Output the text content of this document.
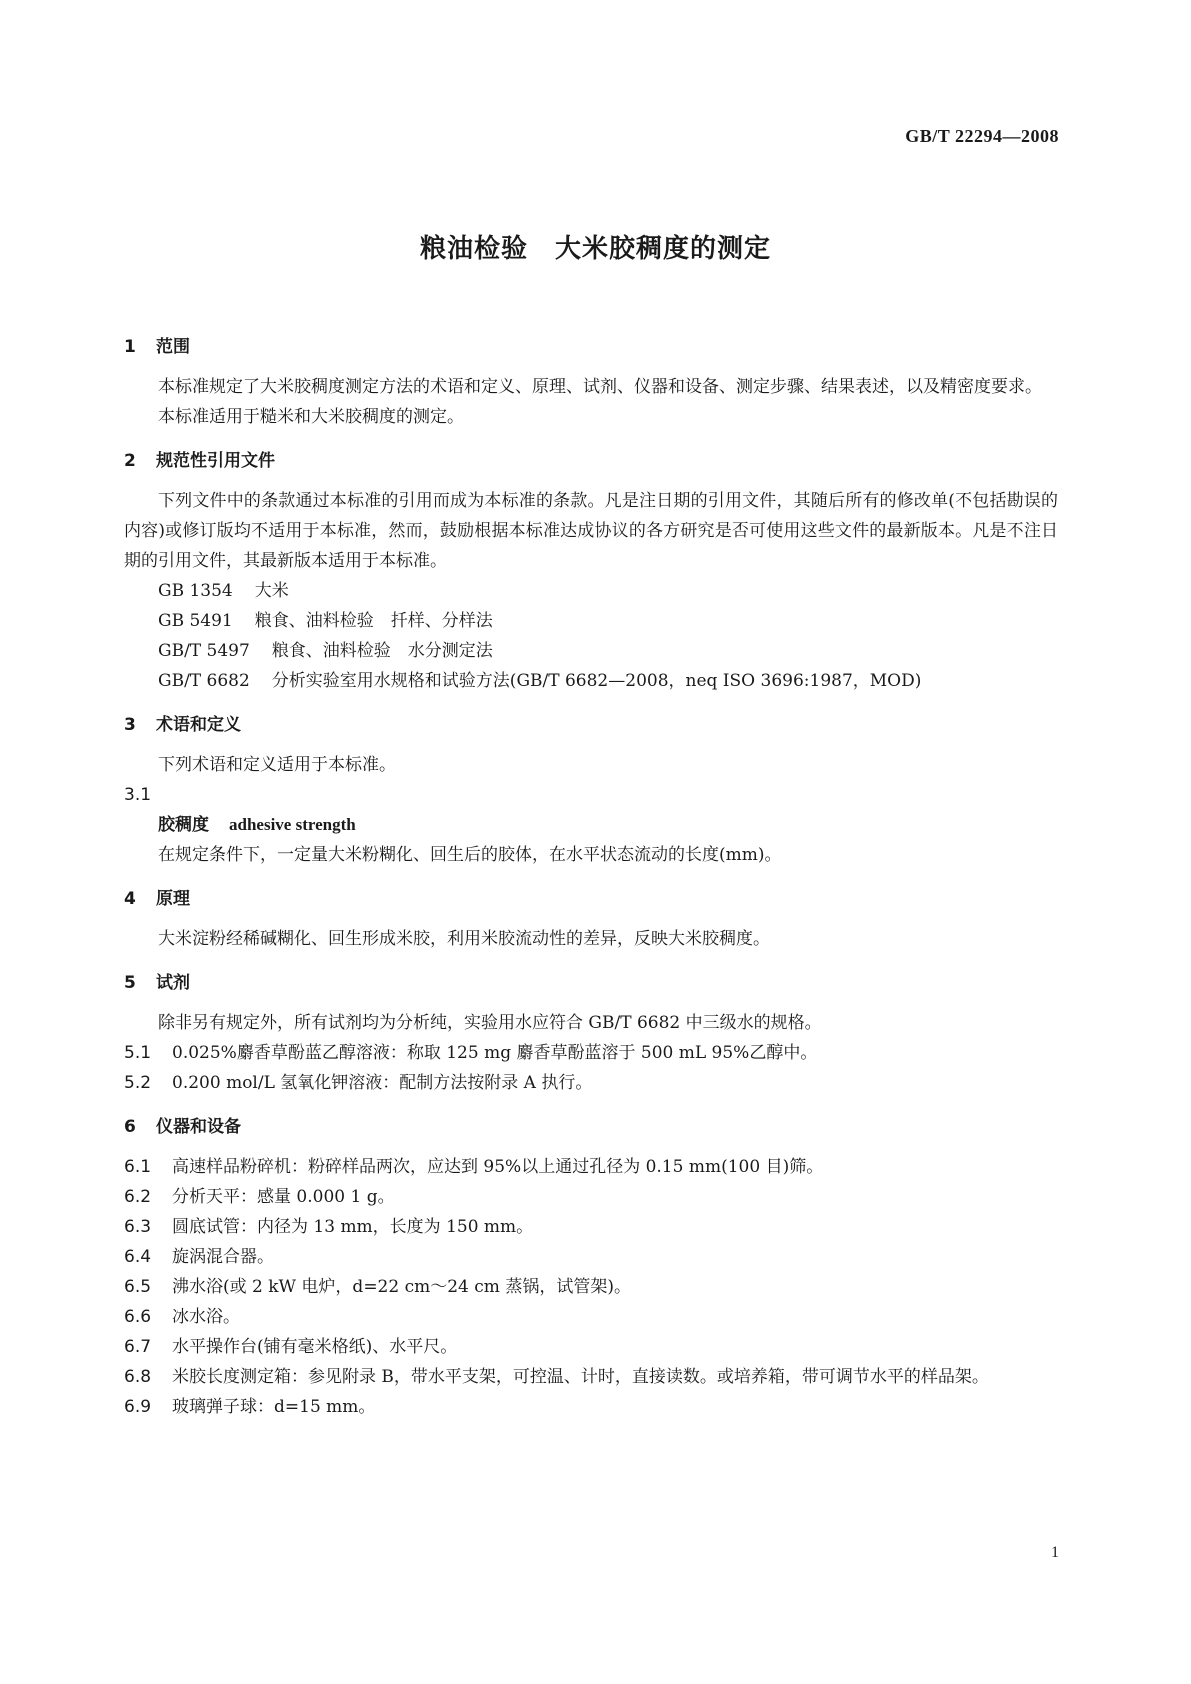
GB/T 22294—2008
粮油检验　大米胶稠度的测定
1 范围
本标准规定了大米胶稠度测定方法的术语和定义、原理、试剂、仪器和设备、测定步骤、结果表述，以及精密度要求。
本标准适用于糙米和大米胶稠度的测定。
2 规范性引用文件
下列文件中的条款通过本标准的引用而成为本标准的条款。凡是注日期的引用文件，其随后所有的修改单(不包括勘误的内容)或修订版均不适用于本标准，然而，鼓励根据本标准达成协议的各方研究是否可使用这些文件的最新版本。凡是不注日期的引用文件，其最新版本适用于本标准。
GB 1354 大米
GB 5491 粮食、油料检验　扦样、分样法
GB/T 5497 粮食、油料检验　水分测定法
GB/T 6682 分析实验室用水规格和试验方法(GB/T 6682—2008，neq ISO 3696:1987，MOD)
3 术语和定义
下列术语和定义适用于本标准。
3.1
胶稠度 adhesive strength
在规定条件下，一定量大米粉糊化、回生后的胶体，在水平状态流动的长度(mm)。
4 原理
大米淀粉经稀碱糊化、回生形成米胶，利用米胶流动性的差异，反映大米胶稠度。
5 试剂
除非另有规定外，所有试剂均为分析纯，实验用水应符合 GB/T 6682 中三级水的规格。
5.1 0.025%麝香草酚蓝乙醇溶液：称取 125 mg 麝香草酚蓝溶于 500 mL 95%乙醇中。
5.2 0.200 mol/L 氢氧化钾溶液：配制方法按附录 A 执行。
6 仪器和设备
6.1 高速样品粉碎机：粉碎样品两次，应达到 95%以上通过孔径为 0.15 mm(100 目)筛。
6.2 分析天平：感量 0.000 1 g。
6.3 圆底试管：内径为 13 mm，长度为 150 mm。
6.4 旋涡混合器。
6.5 沸水浴(或 2 kW 电炉，d=22 cm～24 cm 蒸锅，试管架)。
6.6 冰水浴。
6.7 水平操作台(铺有毫米格纸)、水平尺。
6.8 米胶长度测定箱：参见附录 B，带水平支架，可控温、计时，直接读数。或培养箱，带可调节水平的样品架。
6.9 玻璃弹子球：d=15 mm。
1
